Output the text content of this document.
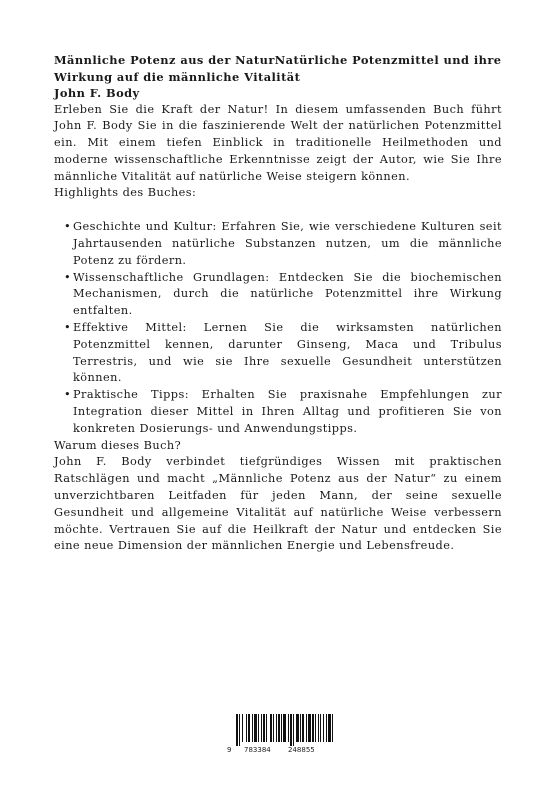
Männliche Potenz aus der NaturNatürliche Potenzmittel und ihre Wirkung auf die männliche Vitalität
John F. Body

Erleben Sie die Kraft der Natur! In diesem umfassenden Buch führt John F. Body Sie in die faszinierende Welt der natürlichen Potenzmittel ein. Mit einem tiefen Einblick in traditionelle Heilmethoden und moderne wissenschaftliche Erkenntnisse zeigt der Autor, wie Sie Ihre männliche Vitalität auf natürliche Weise steigern können.

Highlights des Buches:

• Geschichte und Kultur: Erfahren Sie, wie verschiedene Kulturen seit Jahrtausenden natürliche Substanzen nutzen, um die männliche Potenz zu fördern.
• Wissenschaftliche Grundlagen: Entdecken Sie die biochemischen Mechanismen, durch die natürliche Potenzmittel ihre Wirkung entfalten.
• Effektive Mittel: Lernen Sie die wirksamsten natürlichen Potenzmittel kennen, darunter Ginseng, Maca und Tribulus Terrestris, und wie sie Ihre sexuelle Gesundheit unterstützen können.
• Praktische Tipps: Erhalten Sie praxisnahe Empfehlungen zur Integration dieser Mittel in Ihren Alltag und profitieren Sie von konkreten Dosierungs- und Anwendungstipps.

Warum dieses Buch?

John F. Body verbindet tiefgründiges Wissen mit praktischen Ratschlägen und macht „Männliche Potenz aus der Natur“ zu einem unverzichtbaren Leitfaden für jeden Mann, der seine sexuelle Gesundheit und allgemeine Vitalität auf natürliche Weise verbessern möchte. Vertrauen Sie auf die Heilkraft der Natur und entdecken Sie eine neue Dimension der männlichen Energie und Lebensfreude.

9 783384 248855
